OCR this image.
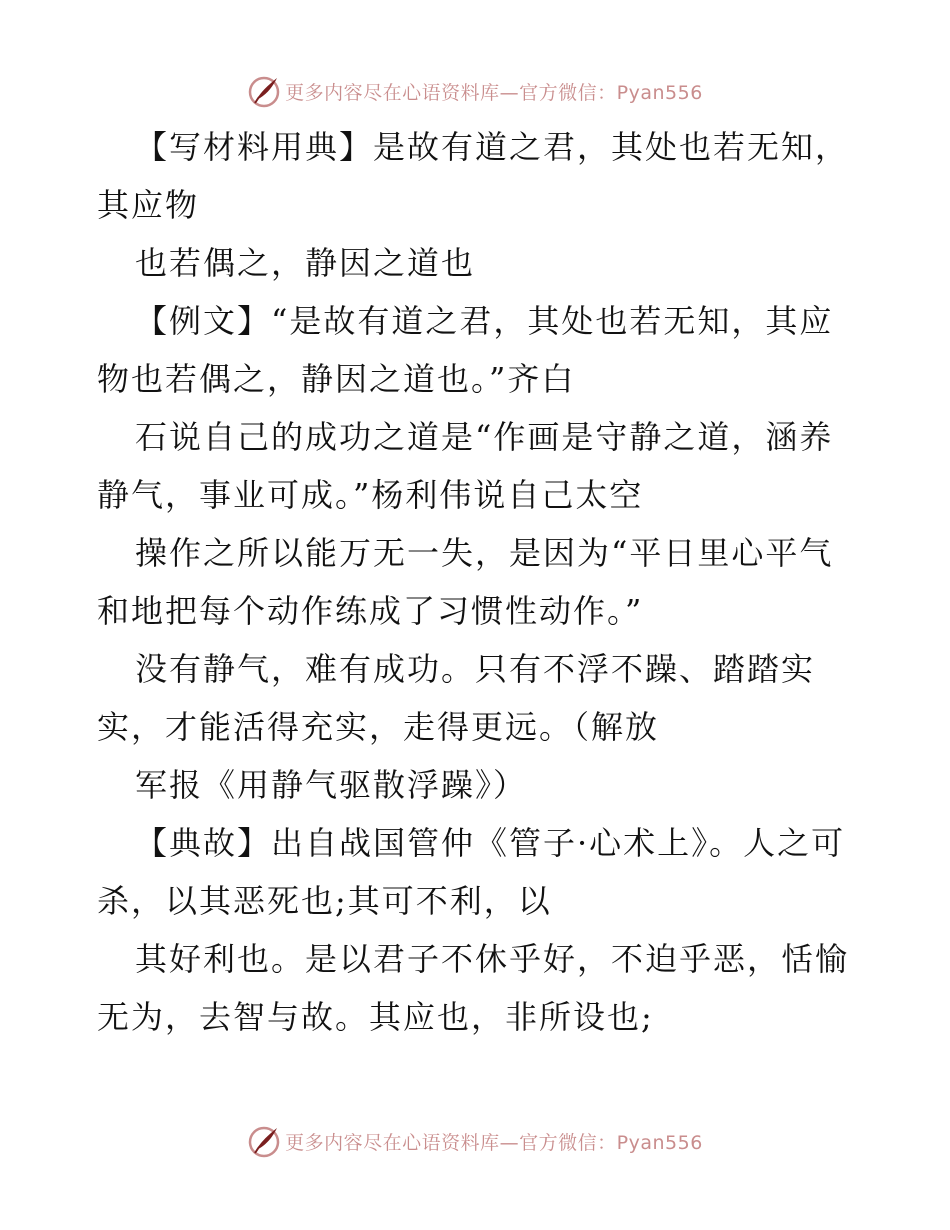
更多内容尽在心语资料库—官方微信：Pyan556

【写材料用典】是故有道之君，其处也若无知，其应物

也若偶之，静因之道也

【例文】“是故有道之君，其处也若无知，其应物也若偶之，静因之道也。”齐白

石说自己的成功之道是“作画是守静之道，涵养静气，事业可成。”杨利伟说自己太空

操作之所以能万无一失，是因为“平日里心平气和地把每个动作练成了习惯性动作。”

没有静气，难有成功。只有不浮不躁、踏踏实实，才能活得充实，走得更远。（解放

军报《用静气驱散浮躁》）

【典故】出自战国管仲《管子·心术上》。人之可杀，以其恶死也;其可不利，以

其好利也。是以君子不休乎好，不迫乎恶，恬愉无为，去智与故。其应也，非所设也;

更多内容尽在心语资料库—官方微信：Pyan556
